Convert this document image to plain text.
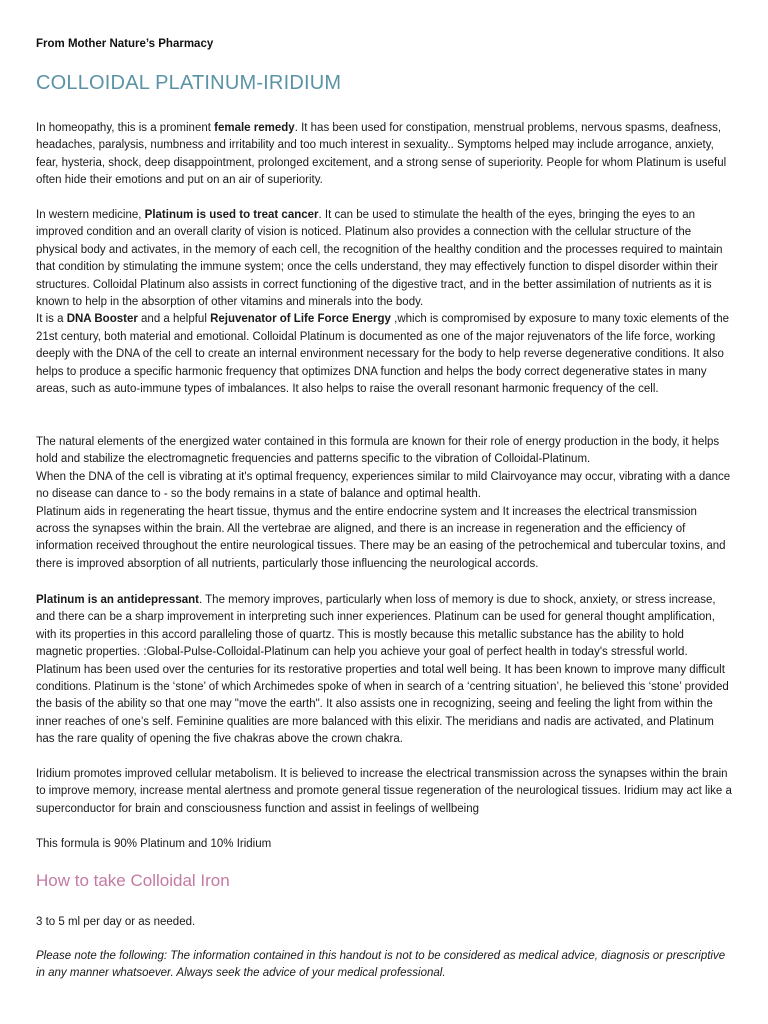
From Mother Nature’s Pharmacy
COLLOIDAL PLATINUM-IRIDIUM

In homeopathy, this is a prominent female remedy. It has been used for constipation, menstrual problems, nervous spasms, deafness, headaches, paralysis, numbness and irritability and too much interest in sexuality.. Symptoms helped may include arrogance, anxiety, fear, hysteria, shock, deep disappointment, prolonged excitement, and a strong sense of superiority. People for whom Platinum is useful often hide their emotions and put on an air of superiority.

In western medicine, Platinum is used to treat cancer. It can be used to stimulate the health of the eyes, bringing the eyes to an improved condition and an overall clarity of vision is noticed. Platinum also provides a connection with the cellular structure of the physical body and activates, in the memory of each cell, the recognition of the healthy condition and the processes required to maintain that condition by stimulating the immune system; once the cells understand, they may effectively function to dispel disorder within their structures. Colloidal Platinum also assists in correct functioning of the digestive tract, and in the better assimilation of nutrients as it is known to help in the absorption of other vitamins and minerals into the body.
It is a DNA Booster and a helpful Rejuvenator of Life Force Energy ,which is compromised by exposure to many toxic elements of the 21st century, both material and emotional. Colloidal Platinum is documented as one of the major rejuvenators of the life force, working deeply with the DNA of the cell to create an internal environment necessary for the body to help reverse degenerative conditions. It also helps to produce a specific harmonic frequency that optimizes DNA function and helps the body correct degenerative states in many areas, such as auto-immune types of imbalances. It also helps to raise the overall resonant harmonic frequency of the cell.

The natural elements of the energized water contained in this formula are known for their role of energy production in the body, it helps hold and stabilize the electromagnetic frequencies and patterns specific to the vibration of Colloidal-Platinum.
When the DNA of the cell is vibrating at it's optimal frequency, experiences similar to mild Clairvoyance may occur, vibrating with a dance no disease can dance to - so the body remains in a state of balance and optimal health.
Platinum aids in regenerating the heart tissue, thymus and the entire endocrine system and It increases the electrical transmission across the synapses within the brain. All the vertebrae are aligned, and there is an increase in regeneration and the efficiency of information received throughout the entire neurological tissues. There may be an easing of the petrochemical and tubercular toxins, and there is improved absorption of all nutrients, particularly those influencing the neurological accords.

Platinum is an antidepressant. The memory improves, particularly when loss of memory is due to shock, anxiety, or stress increase, and there can be a sharp improvement in interpreting such inner experiences. Platinum can be used for general thought amplification, with its properties in this accord paralleling those of quartz. This is mostly because this metallic substance has the ability to hold magnetic properties. :Global-Pulse-Colloidal-Platinum can help you achieve your goal of perfect health in today's stressful world. Platinum has been used over the centuries for its restorative properties and total well being. It has been known to improve many difficult conditions. Platinum is the ‘stone’ of which Archimedes spoke of when in search of a ‘centring situation’, he believed this ‘stone’ provided the basis of the ability so that one may "move the earth". It also assists one in recognizing, seeing and feeling the light from within the inner reaches of one’s self. Feminine qualities are more balanced with this elixir. The meridians and nadis are activated, and Platinum has the rare quality of opening the five chakras above the crown chakra.

Iridium promotes improved cellular metabolism. It is believed to increase the electrical transmission across the synapses within the brain to improve memory, increase mental alertness and promote general tissue regeneration of the neurological tissues. Iridium may act like a superconductor for brain and consciousness function and assist in feelings of wellbeing

This formula is 90% Platinum and 10% Iridium

How to take Colloidal Iron

3 to 5 ml per day or as needed.

Please note the following: The information contained in this handout is not to be considered as medical advice, diagnosis or prescriptive in any manner whatsoever. Always seek the advice of your medical professional.
